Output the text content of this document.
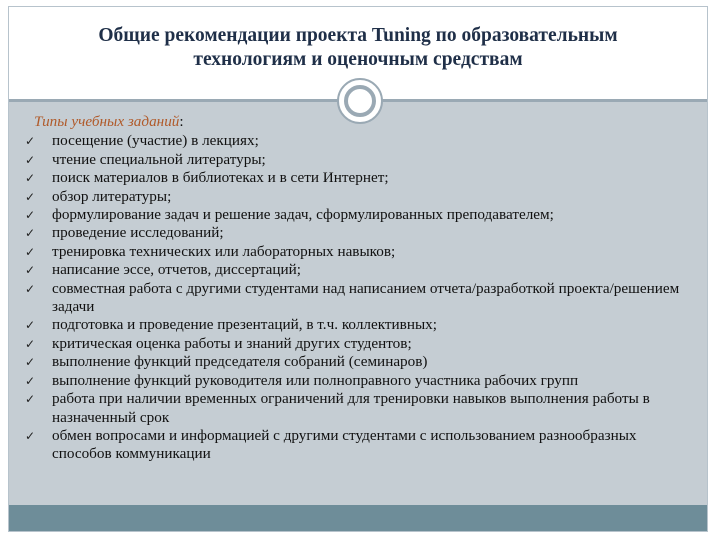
Общие рекомендации проекта Tuning по образовательным
технологиям и оценочным средствам
Типы учебных заданий:
✓ посещение (участие) в лекциях;
✓ чтение специальной литературы;
✓ поиск материалов в библиотеках и в сети Интернет;
✓ обзор литературы;
✓ формулирование задач и решение задач, сформулированных преподавателем;
✓ проведение исследований;
✓ тренировка технических или лабораторных навыков;
✓ написание эссе, отчетов, диссертаций;
✓ совместная работа с другими студентами над написанием отчета/разработкой проекта/решением задачи
✓ подготовка и проведение презентаций, в т.ч. коллективных;
✓ критическая оценка работы и знаний других студентов;
✓ выполнение функций председателя собраний (семинаров)
✓ выполнение функций руководителя или полноправного участника рабочих групп
✓ работа при наличии временных ограничений для тренировки навыков выполнения работы в назначенный срок
✓ обмен вопросами и информацией с другими студентами с использованием разнообразных способов коммуникации
